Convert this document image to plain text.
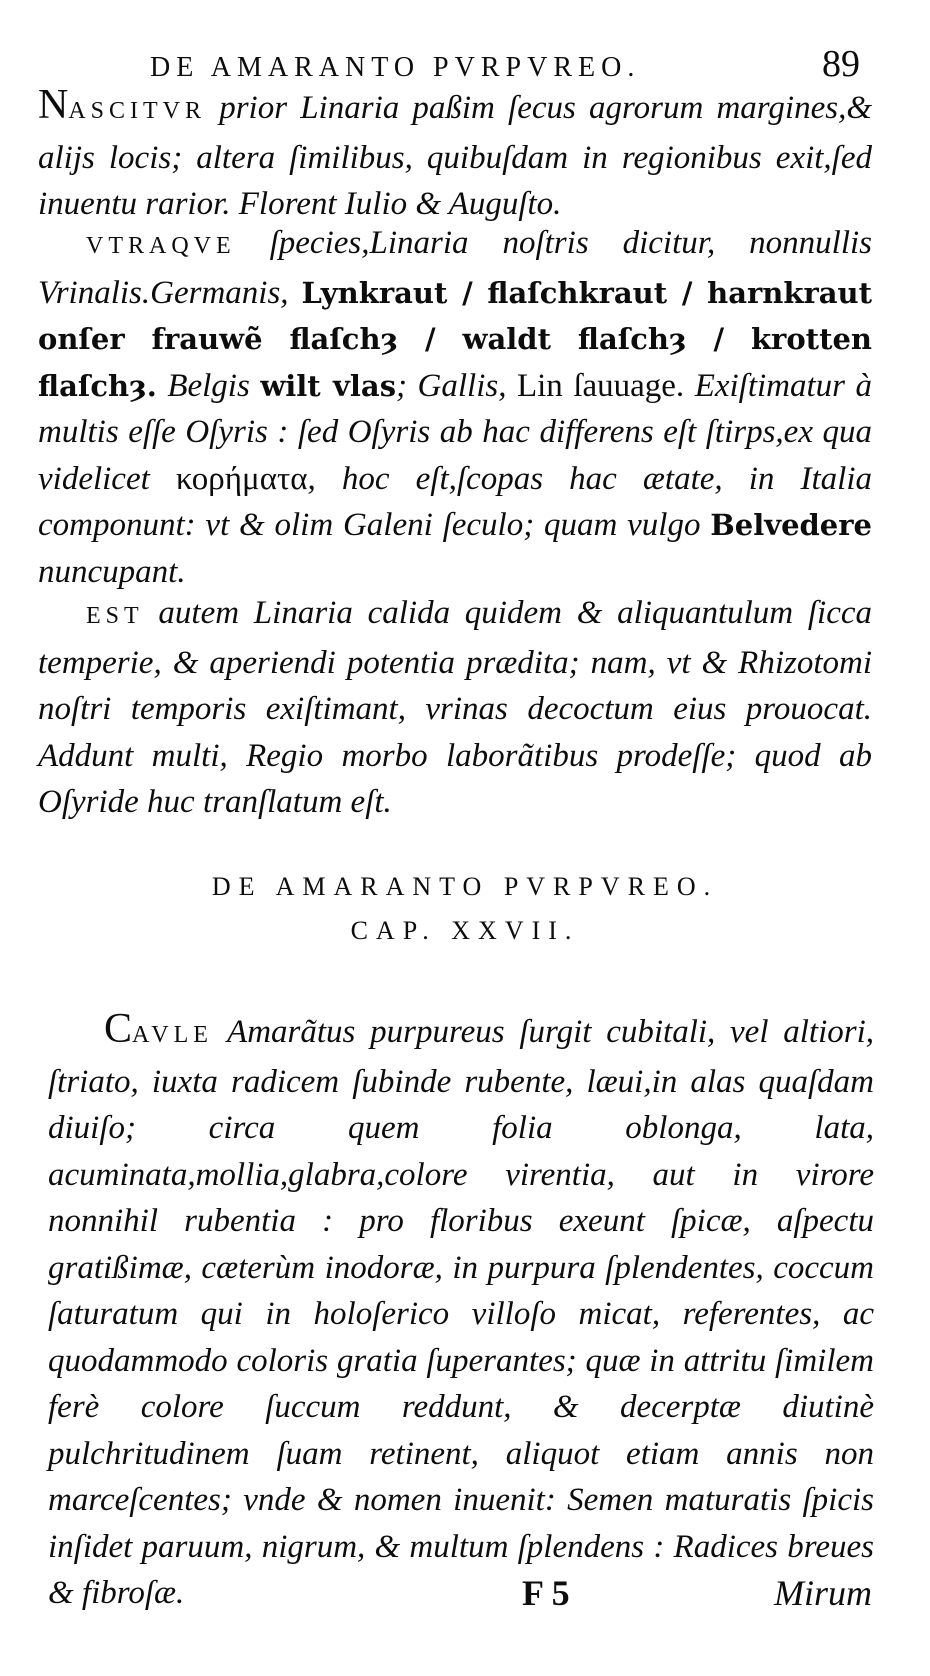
DE AMARANTO PVRPVREO.	89

NASCITVR prior Linaria paßim ſecus agrorum margines,& aliјs locis; altera ſimilibus, quibuſdam in regionibus exit,ſed inuentu rarior. Florent Iulio & Auguſto.

VTRAQVE ſpecies,Linaria noſtris dicitur, nonnullis Vrinalis.Germanis, Lynkraut / flaſchkraut / harnkraut onſer frauwẽ flaſchȝ / waldt flaſchȝ / krotten flaſchȝ. Belgis wilt vlas; Gallis, Lin ſauuage. Exiſtimatur à multis eſſe Oſyris : ſed Oſyris ab hac differens eſt ſtirps,ex qua videlicet κορήματα, hoc eſt,ſcopas hac ætate, in Italia componunt: vt & olim Galeni ſeculo; quam vulgo Belvedere nuncupant.

EST autem Linaria calida quidem & aliquantulum ſicca temperie, & aperiendi potentia prædita; nam, vt & Rhizotomi noſtri temporis exiſtimant, vrinas decoctum eius prouocat. Addunt multi, Regio morbo laborãtibus prodeſſe; quod ab Oſyride huc tranſlatum eſt.

DE AMARANTO PVRPVREO.
CAP. XXVII.

CAVLE Amarãtus purpureus ſurgit cubitali, vel altiori, ſtriato, iuxta radicem ſubinde rubente, læui,in alas quaſdam diuiſo; circa quem folia oblonga, lata, acuminata,mollia,glabra,colore virentia, aut in virore nonnihil rubentia : pro floribus exeunt ſpicæ, aſpectu gratißimæ, cæterùm inodoræ, in purpura ſplendentes, coccum ſaturatum qui in holoſerico villoſo micat, referentes, ac quodammodo coloris gratia ſuperantes; quæ in attritu ſimilem ferè colore ſuccum reddunt, & decerptæ diutinè pulchritudinem ſuam retinent, aliquot etiam annis non marceſcentes; vnde & nomen inuenit: Semen maturatis ſpicis inſidet paruum, nigrum, & multum ſplendens : Radices breues & fibroſæ.	F 5	Mirum
